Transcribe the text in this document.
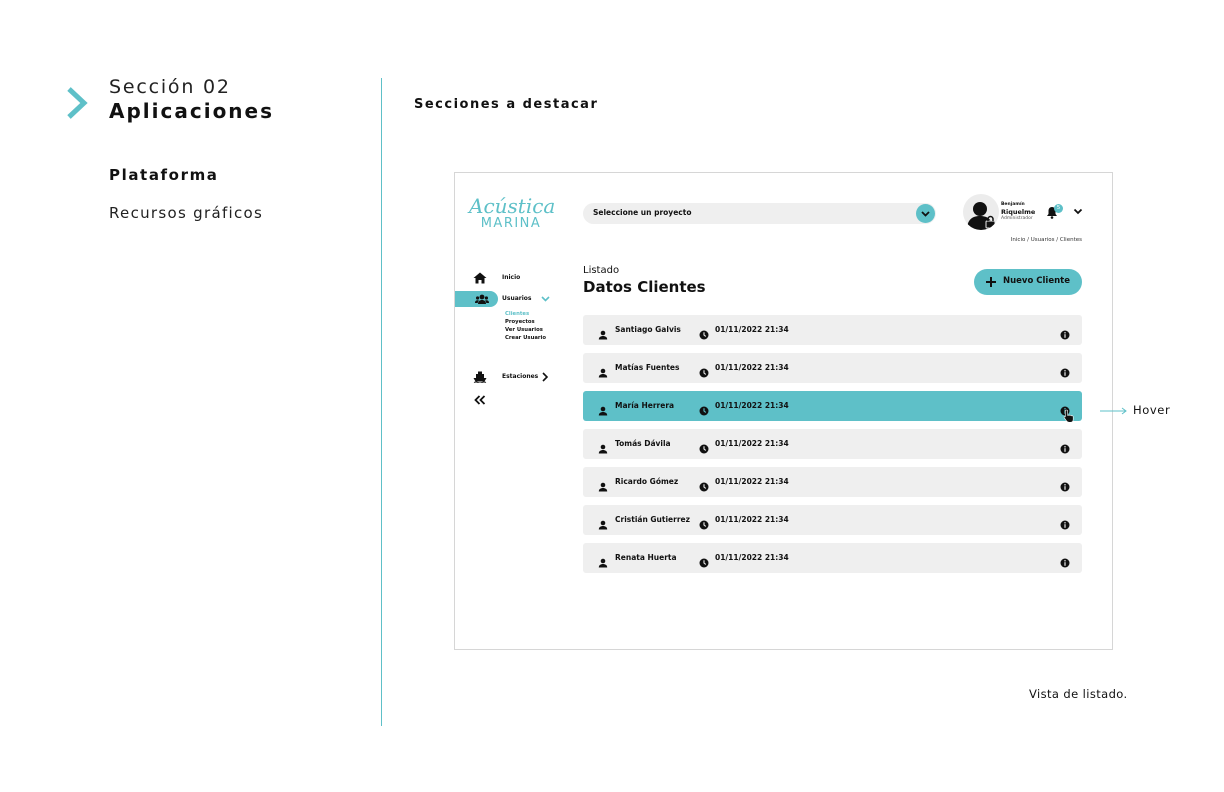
Sección 02
Aplicaciones
Plataforma
Recursos gráficos
Secciones a destacar
Acústica
MARINA
Seleccione un proyecto
Benjamín
Riquelme
Administrador
5
Inicio / Usuarios / Clientes
Inicio
Usuarios
Clientes
Proyectos
Ver Usuarios
Crear Usuario
Estaciones
Listado
Datos Clientes	Nuevo Cliente
Santiago Galvis	01/11/2022 21:34
Matías Fuentes	01/11/2022 21:34
María Herrera	01/11/2022 21:34
Tomás Dávila	01/11/2022 21:34
Ricardo Gómez	01/11/2022 21:34
Cristián Gutierrez	01/11/2022 21:34
Renata Huerta	01/11/2022 21:34
Hover
Vista de listado.
